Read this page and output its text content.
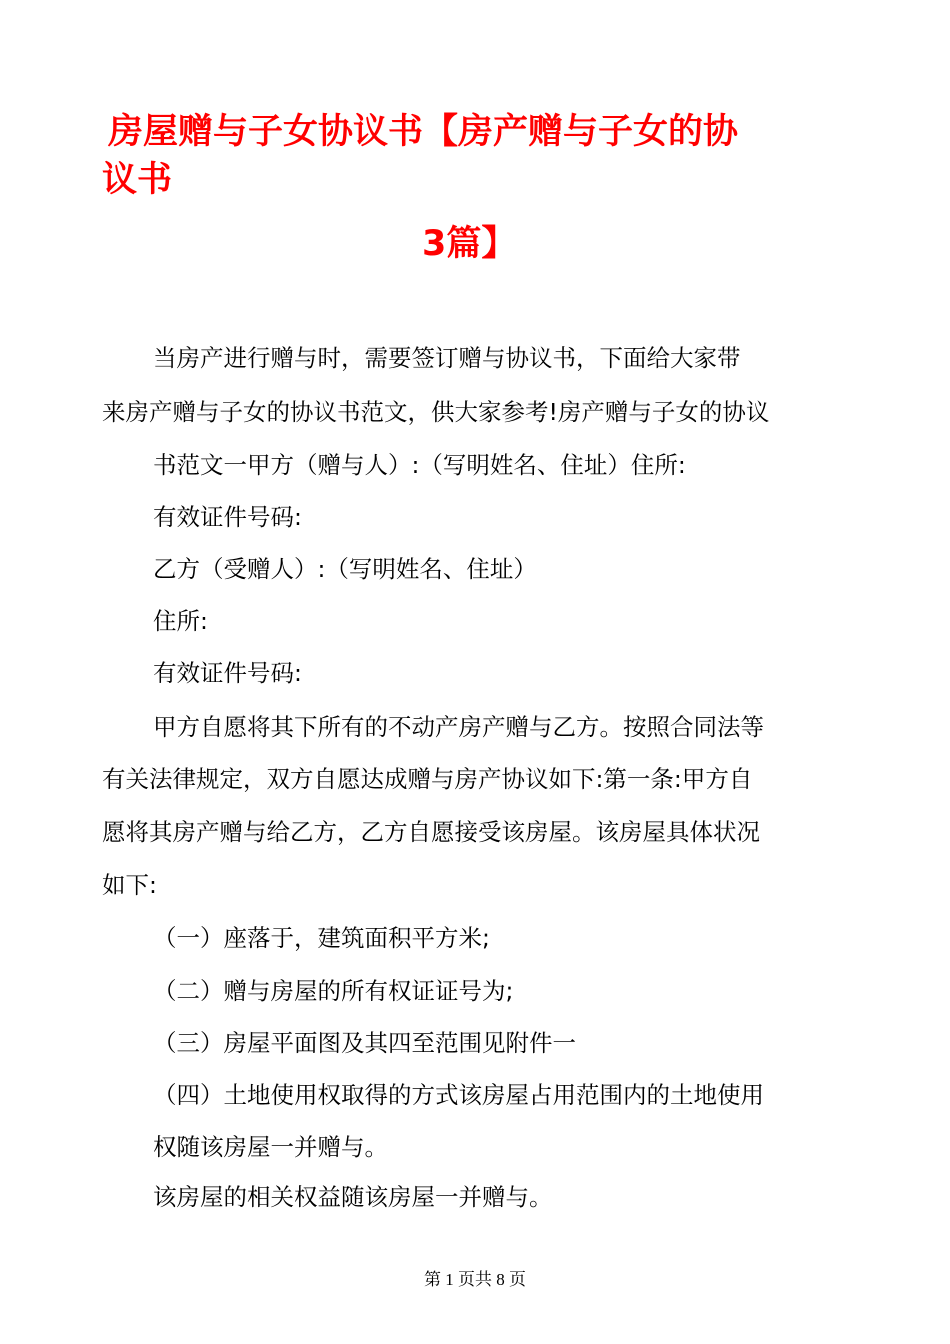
房屋赠与子女协议书【房产赠与子女的协
议书
3篇】
当房产进行赠与时，需要签订赠与协议书，下面给大家带
来房产赠与子女的协议书范文，供大家参考!房产赠与子女的协议
书范文一甲方（赠与人）:（写明姓名、住址）住所:
有效证件号码:
乙方（受赠人）:（写明姓名、住址）
住所:
有效证件号码:
甲方自愿将其下所有的不动产房产赠与乙方。按照合同法等
有关法律规定，双方自愿达成赠与房产协议如下:第一条:甲方自
愿将其房产赠与给乙方，乙方自愿接受该房屋。该房屋具体状况
如下:
（一）座落于，建筑面积平方米;
（二）赠与房屋的所有权证证号为;
（三）房屋平面图及其四至范围见附件一
（四）土地使用权取得的方式该房屋占用范围内的土地使用
权随该房屋一并赠与。
该房屋的相关权益随该房屋一并赠与。
第 1 页共 8 页
